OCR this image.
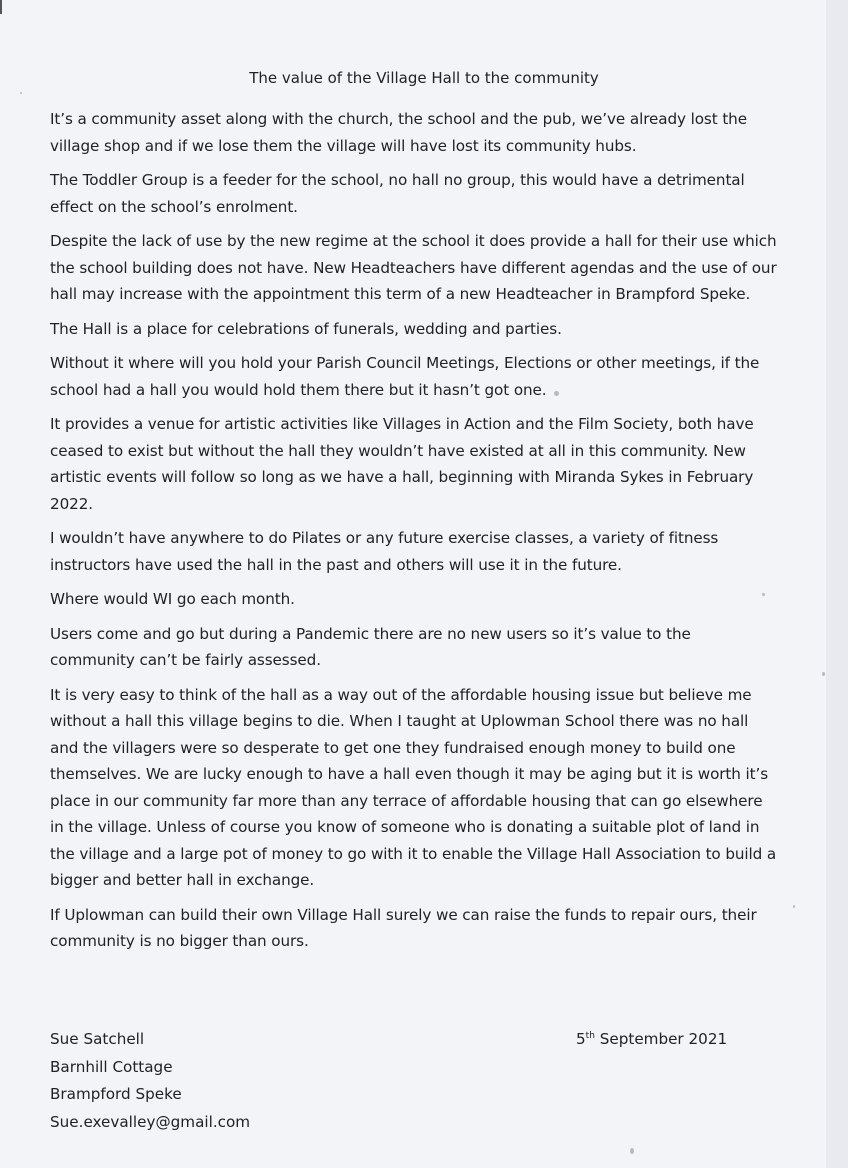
The value of the Village Hall to the community

It’s a community asset along with the church, the school and the pub, we’ve already lost the village shop and if we lose them the village will have lost its community hubs.

The Toddler Group is a feeder for the school, no hall no group, this would have a detrimental effect on the school’s enrolment.

Despite the lack of use by the new regime at the school it does provide a hall for their use which the school building does not have. New Headteachers have different agendas and the use of our hall may increase with the appointment this term of a new Headteacher in Brampford Speke.

The Hall is a place for celebrations of funerals, wedding and parties.

Without it where will you hold your Parish Council Meetings, Elections or other meetings, if the school had a hall you would hold them there but it hasn’t got one.

It provides a venue for artistic activities like Villages in Action and the Film Society, both have ceased to exist but without the hall they wouldn’t have existed at all in this community. New artistic events will follow so long as we have a hall, beginning with Miranda Sykes in February 2022.

I wouldn’t have anywhere to do Pilates or any future exercise classes, a variety of fitness instructors have used the hall in the past and others will use it in the future.

Where would WI go each month.

Users come and go but during a Pandemic there are no new users so it’s value to the community can’t be fairly assessed.

It is very easy to think of the hall as a way out of the affordable housing issue but believe me without a hall this village begins to die. When I taught at Uplowman School there was no hall and the villagers were so desperate to get one they fundraised enough money to build one themselves. We are lucky enough to have a hall even though it may be aging but it is worth it’s place in our community far more than any terrace of affordable housing that can go elsewhere in the village. Unless of course you know of someone who is donating a suitable plot of land in the village and a large pot of money to go with it to enable the Village Hall Association to build a bigger and better hall in exchange.

If Uplowman can build their own Village Hall surely we can raise the funds to repair ours, their community is no bigger than ours.

Sue Satchell
Barnhill Cottage
Brampford Speke
Sue.exevalley@gmail.com
5th September 2021
